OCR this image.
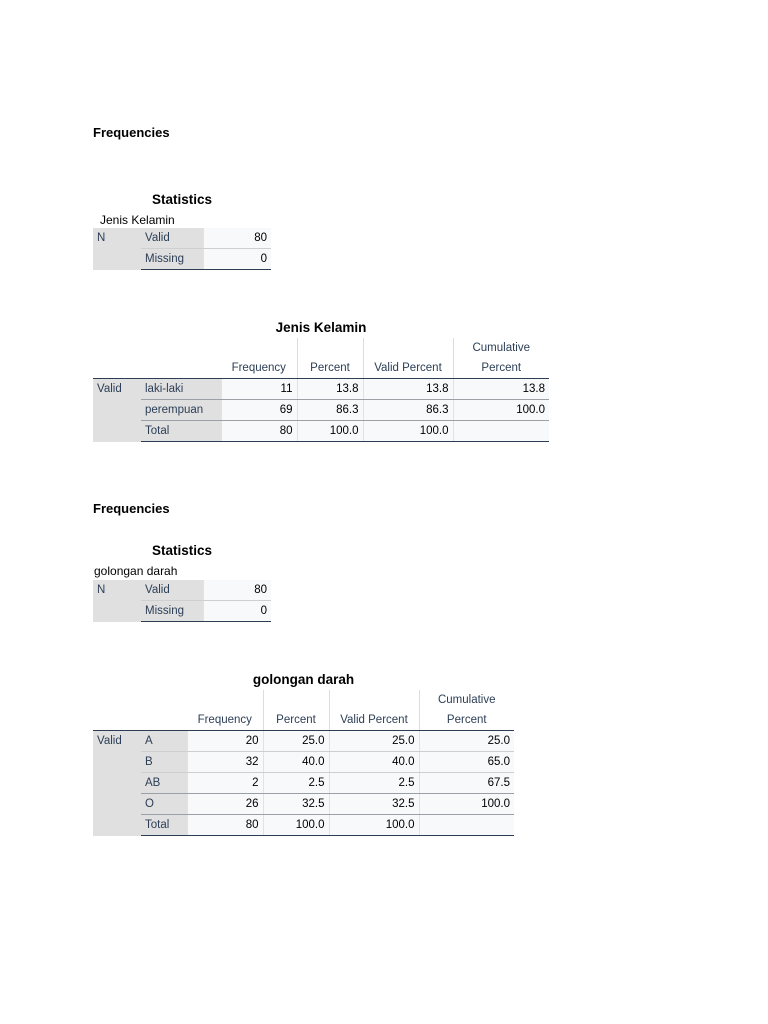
Frequencies
Statistics
Jenis Kelamin
N	Valid	80
	Missing	0
Jenis Kelamin
		Frequency	Percent	Valid Percent	Cumulative
					Percent
Valid	laki-laki	11	13.8	13.8	13.8
	perempuan	69	86.3	86.3	100.0
	Total	80	100.0	100.0	
Frequencies
Statistics
golongan darah
N	Valid	80
	Missing	0
golongan darah
		Frequency	Percent	Valid Percent	Cumulative
					Percent
Valid	A	20	25.0	25.0	25.0
	B	32	40.0	40.0	65.0
	AB	2	2.5	2.5	67.5
	O	26	32.5	32.5	100.0
	Total	80	100.0	100.0	
